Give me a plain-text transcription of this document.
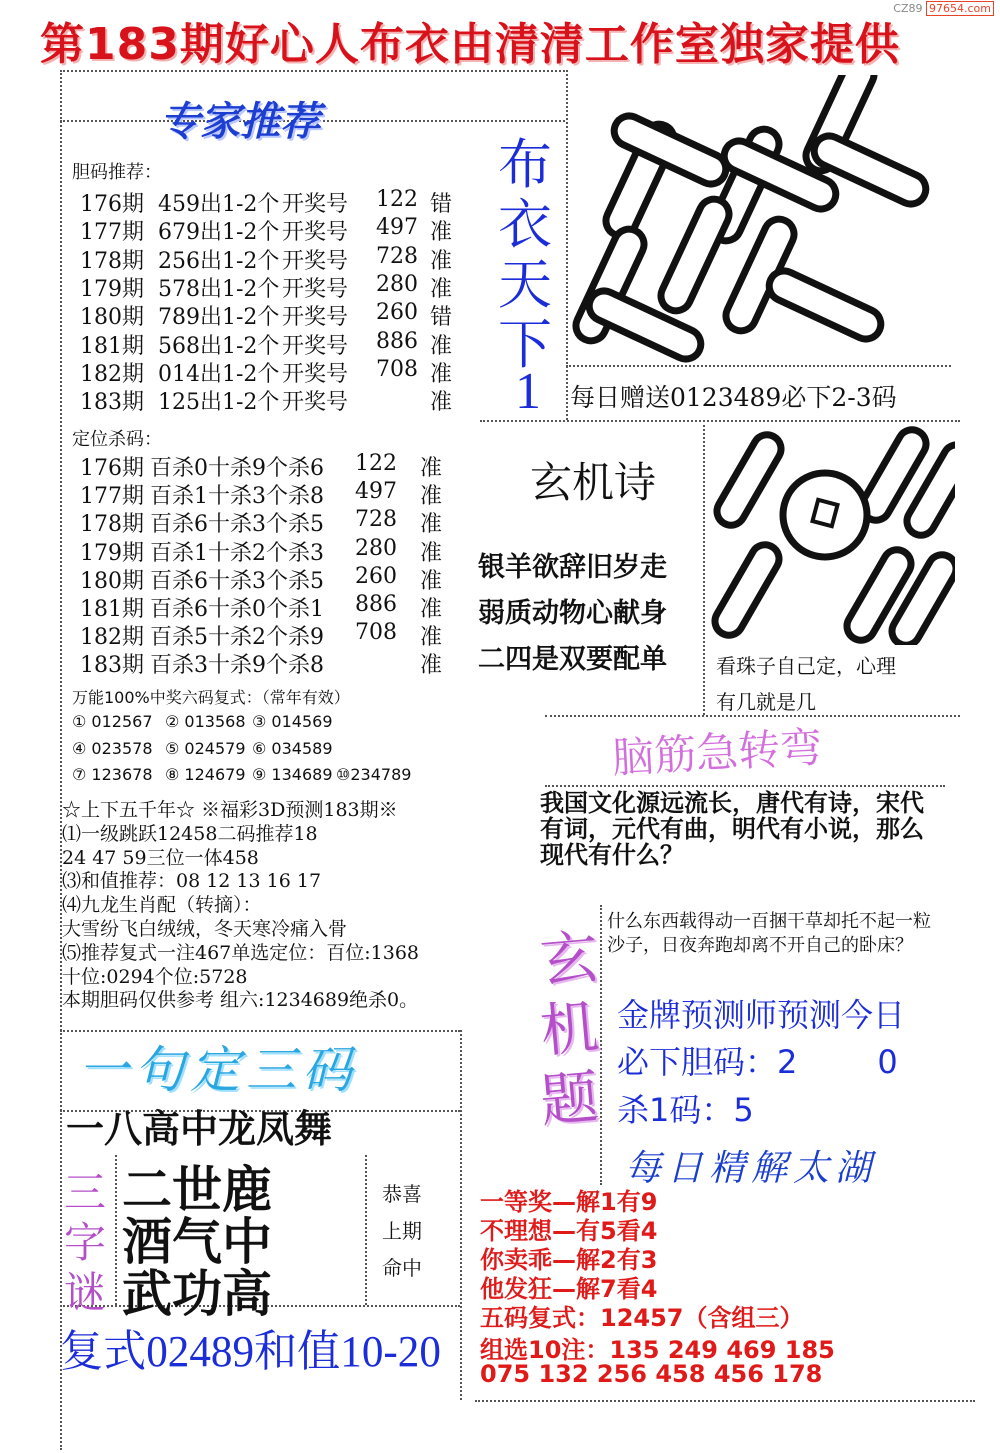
第183期好心人布衣由清清工作室独家提供
CZ89 97654.com
专家推荐
胆码推荐：
176期 459出1-2个 开奖号 122 错
177期 679出1-2个 开奖号 497 准
178期 256出1-2个 开奖号 728 准
179期 578出1-2个 开奖号 280 准
180期 789出1-2个 开奖号 260 错
181期 568出1-2个 开奖号 886 准
182期 014出1-2个 开奖号 708 准
183期 125出1-2个 开奖号	准
定位杀码：
176期 百杀0十杀9个杀6 122 准
177期 百杀1十杀3个杀8 497 准
178期 百杀6十杀3个杀5 728 准
179期 百杀1十杀2个杀3 280 准
180期 百杀6十杀3个杀5 260 准
181期 百杀6十杀0个杀1 886 准
182期 百杀5十杀2个杀9 708 准
183期 百杀3十杀9个杀8	准
万能100%中奖六码复式：（常年有效）
① 012567 ② 013568 ③ 014569
④ 023578 ⑤ 024579 ⑥ 034589
⑦ 123678 ⑧ 124679 ⑨ 134689 ⑩234789
布
衣
天
下
1 每日赠送0123489必下2-3码
玄机诗
银羊欲辞旧岁走
弱质动物心献身
二四是双要配单 看珠子自己定，心理
有几就是几
☆上下五千年☆ ※福彩3D预测183期※
⑴一级跳跃12458二码推荐18
24 47 59三位一体458
⑶和值推荐：08 12 13 16 17
⑷九龙生肖配（转摘）：
大雪纷飞白绒绒，冬天寒冷痛入骨
⑸推荐复式一注467单选定位：百位:1368
十位:0294个位:5728
本期胆码仅供参考 组六:1234689绝杀0。
脑筋急转弯
我国文化源远流长，唐代有诗，宋代有词，元代有曲，明代有小说，那么现代有什么？
玄
机
题
什么东西载得动一百捆干草却托不起一粒沙子，日夜奔跑却离不开自己的卧床？
金牌预测师预测今日
必下胆码：2	0
杀1码：5
一句定三码
一八高中龙凤舞
三
字
谜
二世鹿
酒气中
武功高
恭喜
上期
命中
复式02489和值10-20
每日精解太湖
一等奖—解1有9
不理想—有5看4
你卖乖—解2有3
他发狂—解7看4
五码复式：12457（含组三）
组选10注：135 249 469 185
075 132 256 458 456 178
